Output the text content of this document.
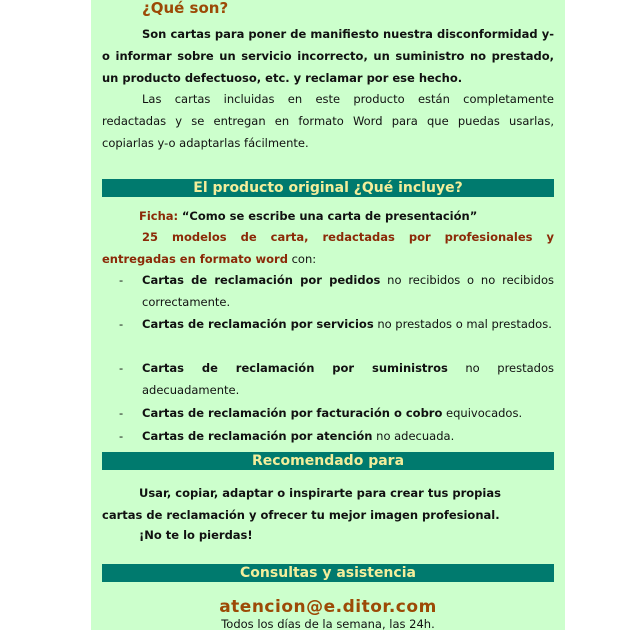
¿Qué son?
Son cartas para poner de manifiesto nuestra disconformidad y-o informar sobre un servicio incorrecto, un suministro no prestado, un producto defectuoso, etc. y reclamar por ese hecho.
Las cartas incluidas en este producto están completamente redactadas y se entregan en formato Word para que puedas usarlas, copiarlas y-o adaptarlas fácilmente.
El producto original ¿Qué incluye?
Ficha: “Como se escribe una carta de presentación”
25 modelos de carta, redactadas por profesionales y
entregadas en formato word con:
- Cartas de reclamación por pedidos no recibidos o no recibidos correctamente.
- Cartas de reclamación por servicios no prestados o mal prestados.
- Cartas de reclamación por suministros no prestados adecuadamente.
- Cartas de reclamación por facturación o cobro equivocados.
- Cartas de reclamación por atención no adecuada.
Recomendado para
Usar, copiar, adaptar o inspirarte para crear tus propias
cartas de reclamación y ofrecer tu mejor imagen profesional.
¡No te lo pierdas!
Consultas y asistencia
atencion@e.ditor.com
Todos los días de la semana, las 24h.
